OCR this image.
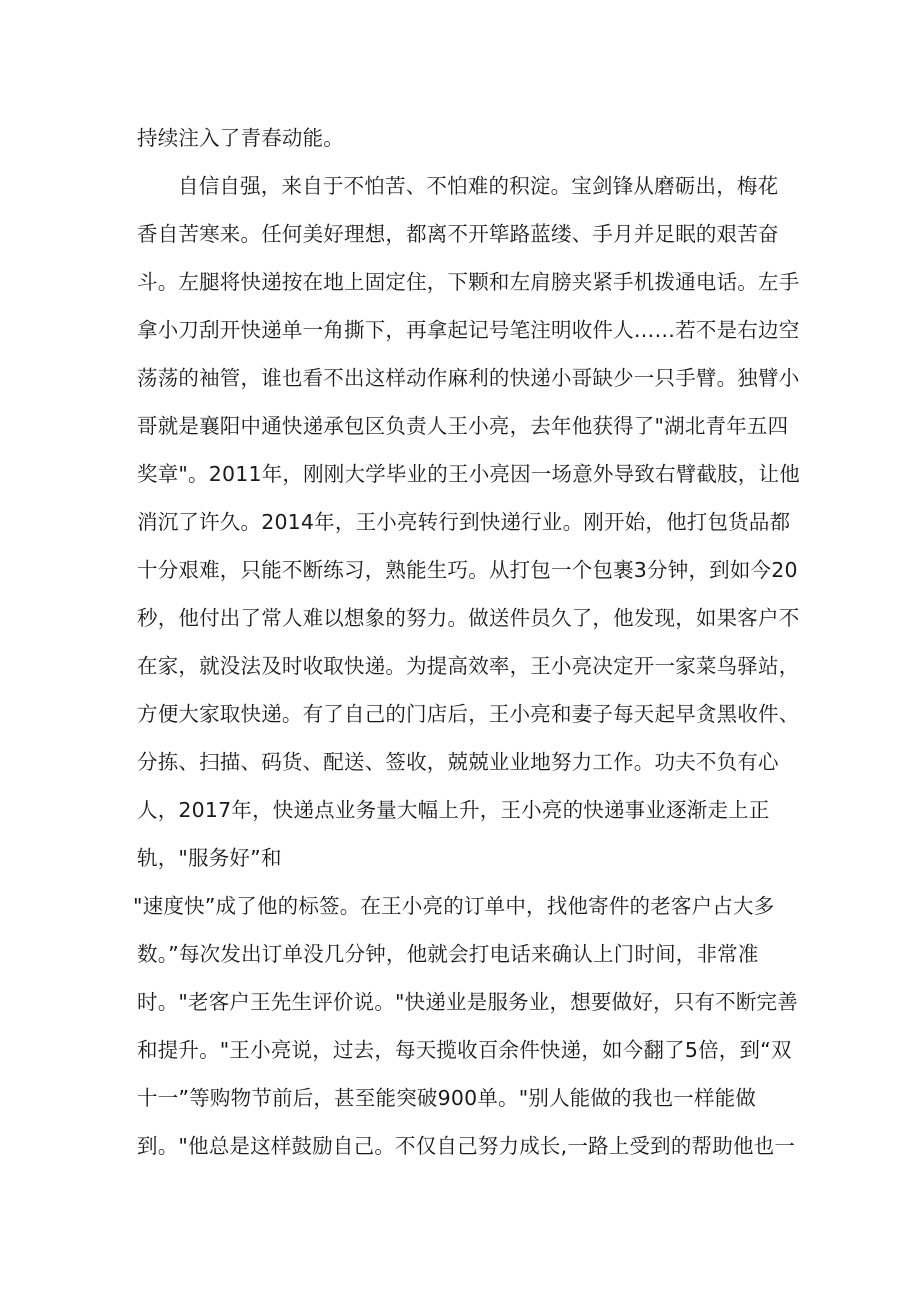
持续注入了青春动能。
自信自强，来自于不怕苦、不怕难的积淀。宝剑锋从磨砺出，梅花
香自苦寒来。任何美好理想，都离不开筚路蓝缕、手月并足眠的艰苦奋
斗。左腿将快递按在地上固定住，下颗和左肩膀夹紧手机拨通电话。左手
拿小刀刮开快递单一角撕下，再拿起记号笔注明收件人……若不是右边空
荡荡的袖管，谁也看不出这样动作麻利的快递小哥缺少一只手臂。独臂小
哥就是襄阳中通快递承包区负责人王小亮，去年他获得了"湖北青年五四
奖章"。2011年，刚刚大学毕业的王小亮因一场意外导致右臂截肢，让他
消沉了许久。2014年，王小亮转行到快递行业。刚开始，他打包货品都
十分艰难，只能不断练习，熟能生巧。从打包一个包裹3分钟，到如今20
秒，他付出了常人难以想象的努力。做送件员久了，他发现，如果客户不
在家，就没法及时收取快递。为提高效率，王小亮决定开一家菜鸟驿站，
方便大家取快递。有了自己的门店后，王小亮和妻子每天起早贪黑收件、
分拣、扫描、码货、配送、签收，兢兢业业地努力工作。功夫不负有心
人，2017年，快递点业务量大幅上升，王小亮的快递事业逐渐走上正
轨，"服务好”和
"速度快”成了他的标签。在王小亮的订单中，找他寄件的老客户占大多
数。”每次发出订单没几分钟，他就会打电话来确认上门时间，非常准
时。"老客户王先生评价说。"快递业是服务业，想要做好，只有不断完善
和提升。"王小亮说，过去，每天揽收百余件快递，如今翻了5倍，到“双
十一”等购物节前后，甚至能突破900单。"别人能做的我也一样能做
到。"他总是这样鼓励自己。不仅自己努力成长,一路上受到的帮助他也一
